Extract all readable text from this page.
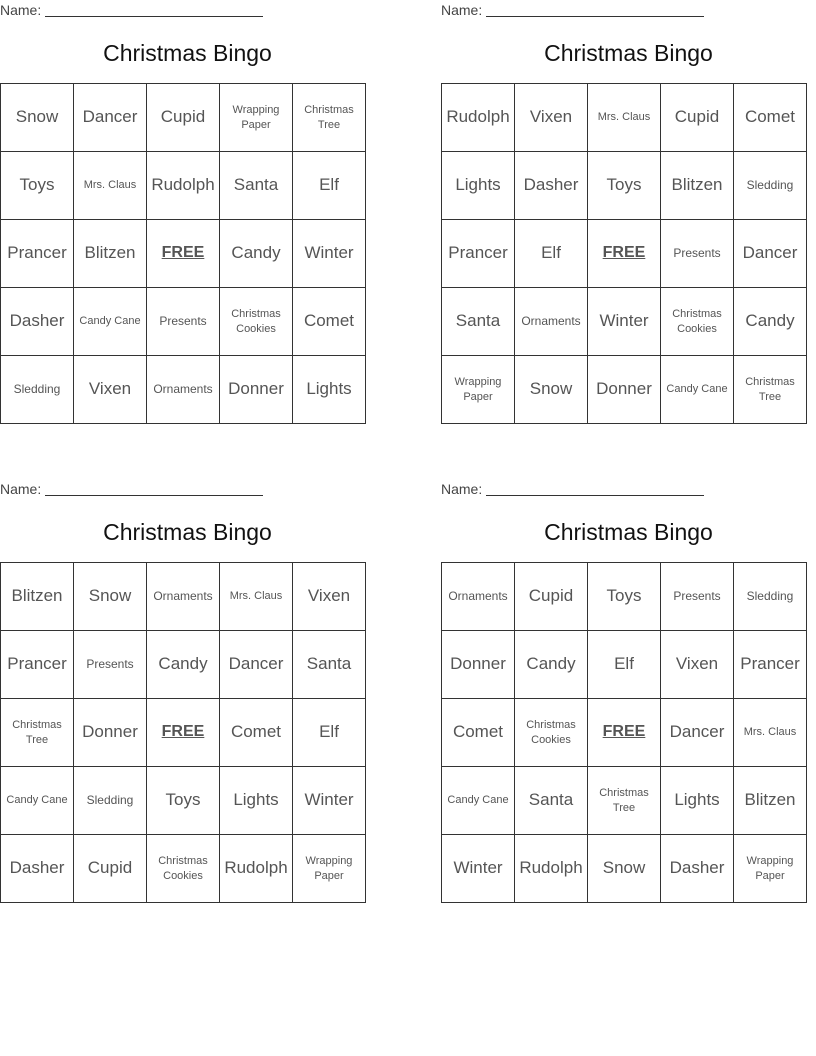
Name:
Christmas Bingo
Snow	Dancer	Cupid	Wrapping Paper	Christmas Tree
Toys	Mrs. Claus	Rudolph	Santa	Elf
Prancer	Blitzen	FREE	Candy	Winter
Dasher	Candy Cane	Presents	Christmas Cookies	Comet
Sledding	Vixen	Ornaments	Donner	Lights
Name:
Christmas Bingo
Rudolph	Vixen	Mrs. Claus	Cupid	Comet
Lights	Dasher	Toys	Blitzen	Sledding
Prancer	Elf	FREE	Presents	Dancer
Santa	Ornaments	Winter	Christmas Cookies	Candy
Wrapping Paper	Snow	Donner	Candy Cane	Christmas Tree
Name:
Christmas Bingo
Blitzen	Snow	Ornaments	Mrs. Claus	Vixen
Prancer	Presents	Candy	Dancer	Santa
Christmas Tree	Donner	FREE	Comet	Elf
Candy Cane	Sledding	Toys	Lights	Winter
Dasher	Cupid	Christmas Cookies	Rudolph	Wrapping Paper
Name:
Christmas Bingo
Ornaments	Cupid	Toys	Presents	Sledding
Donner	Candy	Elf	Vixen	Prancer
Comet	Christmas Cookies	FREE	Dancer	Mrs. Claus
Candy Cane	Santa	Christmas Tree	Lights	Blitzen
Winter	Rudolph	Snow	Dasher	Wrapping Paper
